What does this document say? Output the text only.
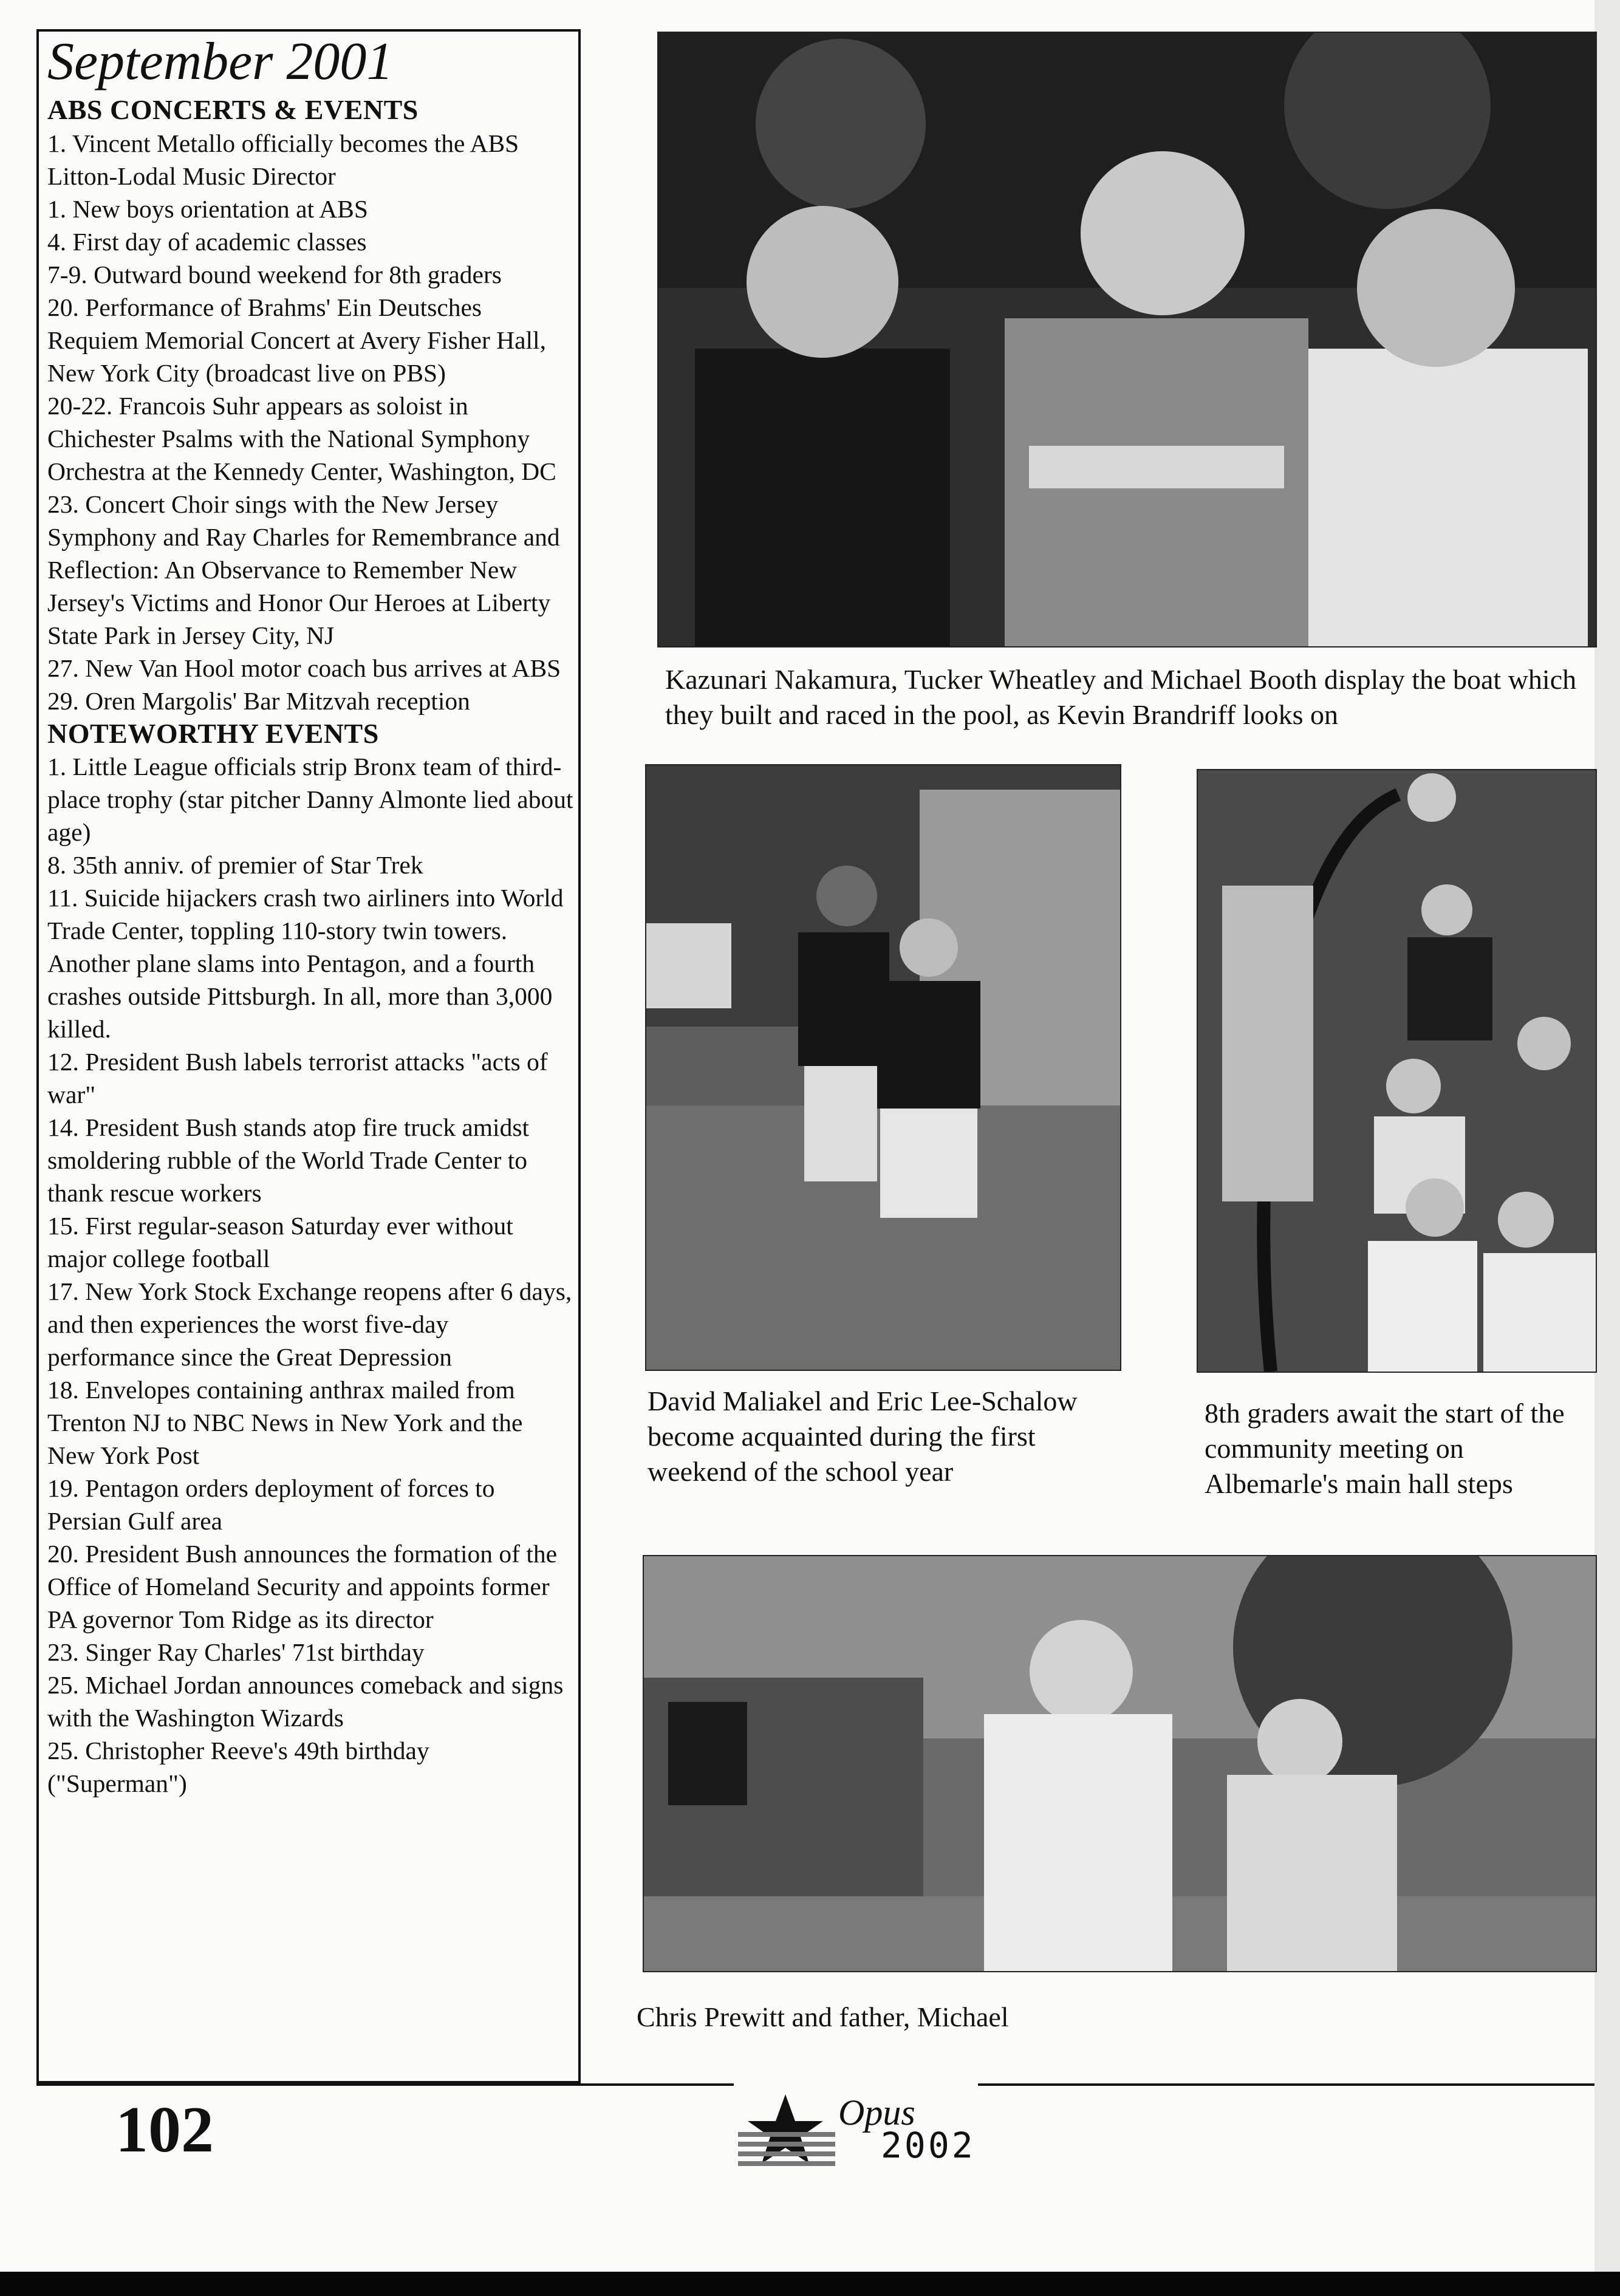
September 2001
ABS CONCERTS & EVENTS
1. Vincent Metallo officially becomes the ABS Litton-Lodal Music Director
1. New boys orientation at ABS
4. First day of academic classes
7-9. Outward bound weekend for 8th graders
20. Performance of Brahms' Ein Deutsches Requiem Memorial Concert at Avery Fisher Hall, New York City (broadcast live on PBS)
20-22. Francois Suhr appears as soloist in Chichester Psalms with the National Symphony Orchestra at the Kennedy Center, Washington, DC
23. Concert Choir sings with the New Jersey Symphony and Ray Charles for Remembrance and Reflection: An Observance to Remember New Jersey's Victims and Honor Our Heroes at Liberty State Park in Jersey City, NJ
27. New Van Hool motor coach bus arrives at ABS
29. Oren Margolis' Bar Mitzvah reception
NOTEWORTHY EVENTS
1. Little League officials strip Bronx team of third-place trophy (star pitcher Danny Almonte lied about age)
8. 35th anniv. of premier of Star Trek
11. Suicide hijackers crash two airliners into World Trade Center, toppling 110-story twin towers. Another plane slams into Pentagon, and a fourth crashes outside Pittsburgh. In all, more than 3,000 killed.
12. President Bush labels terrorist attacks "acts of war"
14. President Bush stands atop fire truck amidst smoldering rubble of the World Trade Center to thank rescue workers
15. First regular-season Saturday ever without major college football
17. New York Stock Exchange reopens after 6 days, and then experiences the worst five-day performance since the Great Depression
18. Envelopes containing anthrax mailed from Trenton NJ to NBC News in New York and the New York Post
19. Pentagon orders deployment of forces to Persian Gulf area
20. President Bush announces the formation of the Office of Homeland Security and appoints former PA governor Tom Ridge as its director
23. Singer Ray Charles' 71st birthday
25. Michael Jordan announces comeback and signs with the Washington Wizards
25. Christopher Reeve's 49th birthday ("Superman")
Kazunari Nakamura, Tucker Wheatley and Michael Booth display the boat which they built and raced in the pool, as Kevin Brandriff looks on
David Maliakel and Eric Lee-Schalow become acquainted during the first weekend of the school year
8th graders await the start of the community meeting on Albemarle's main hall steps
Chris Prewitt and father, Michael
102	Opus
2002
